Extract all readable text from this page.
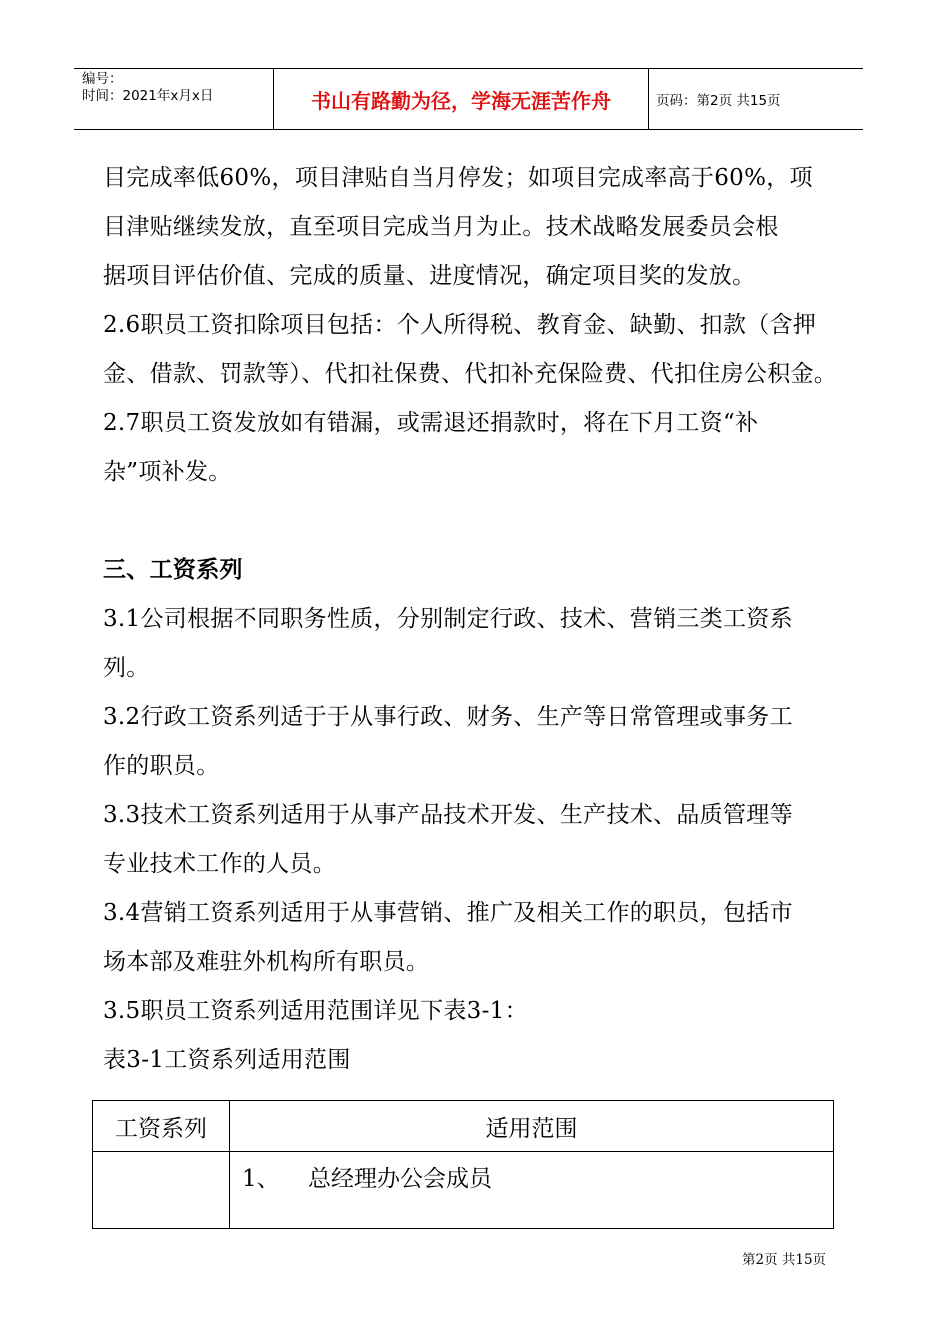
编号：
时间：2021年x月x日	书山有路勤为径，学海无涯苦作舟	页码：第2页 共15页

目完成率低60%，项目津贴自当月停发；如项目完成率高于60%，项

目津贴继续发放，直至项目完成当月为止。技术战略发展委员会根

据项目评估价值、完成的质量、进度情况，确定项目奖的发放。

2.6职员工资扣除项目包括：个人所得税、教育金、缺勤、扣款（含押

金、借款、罚款等）、代扣社保费、代扣补充保险费、代扣住房公积金。

2.7职员工资发放如有错漏，或需退还捐款时，将在下月工资“补

杂”项补发。

三、工资系列

3.1公司根据不同职务性质，分别制定行政、技术、营销三类工资系

列。

3.2行政工资系列适于于从事行政、财务、生产等日常管理或事务工

作的职员。

3.3技术工资系列适用于从事产品技术开发、生产技术、品质管理等

专业技术工作的人员。

3.4营销工资系列适用于从事营销、推广及相关工作的职员，包括市

场本部及难驻外机构所有职员。

3.5职员工资系列适用范围详见下表3-1：

表3-1工资系列适用范围

工资系列	适用范围

	1、 总经理办公会成员
第2页 共15页
